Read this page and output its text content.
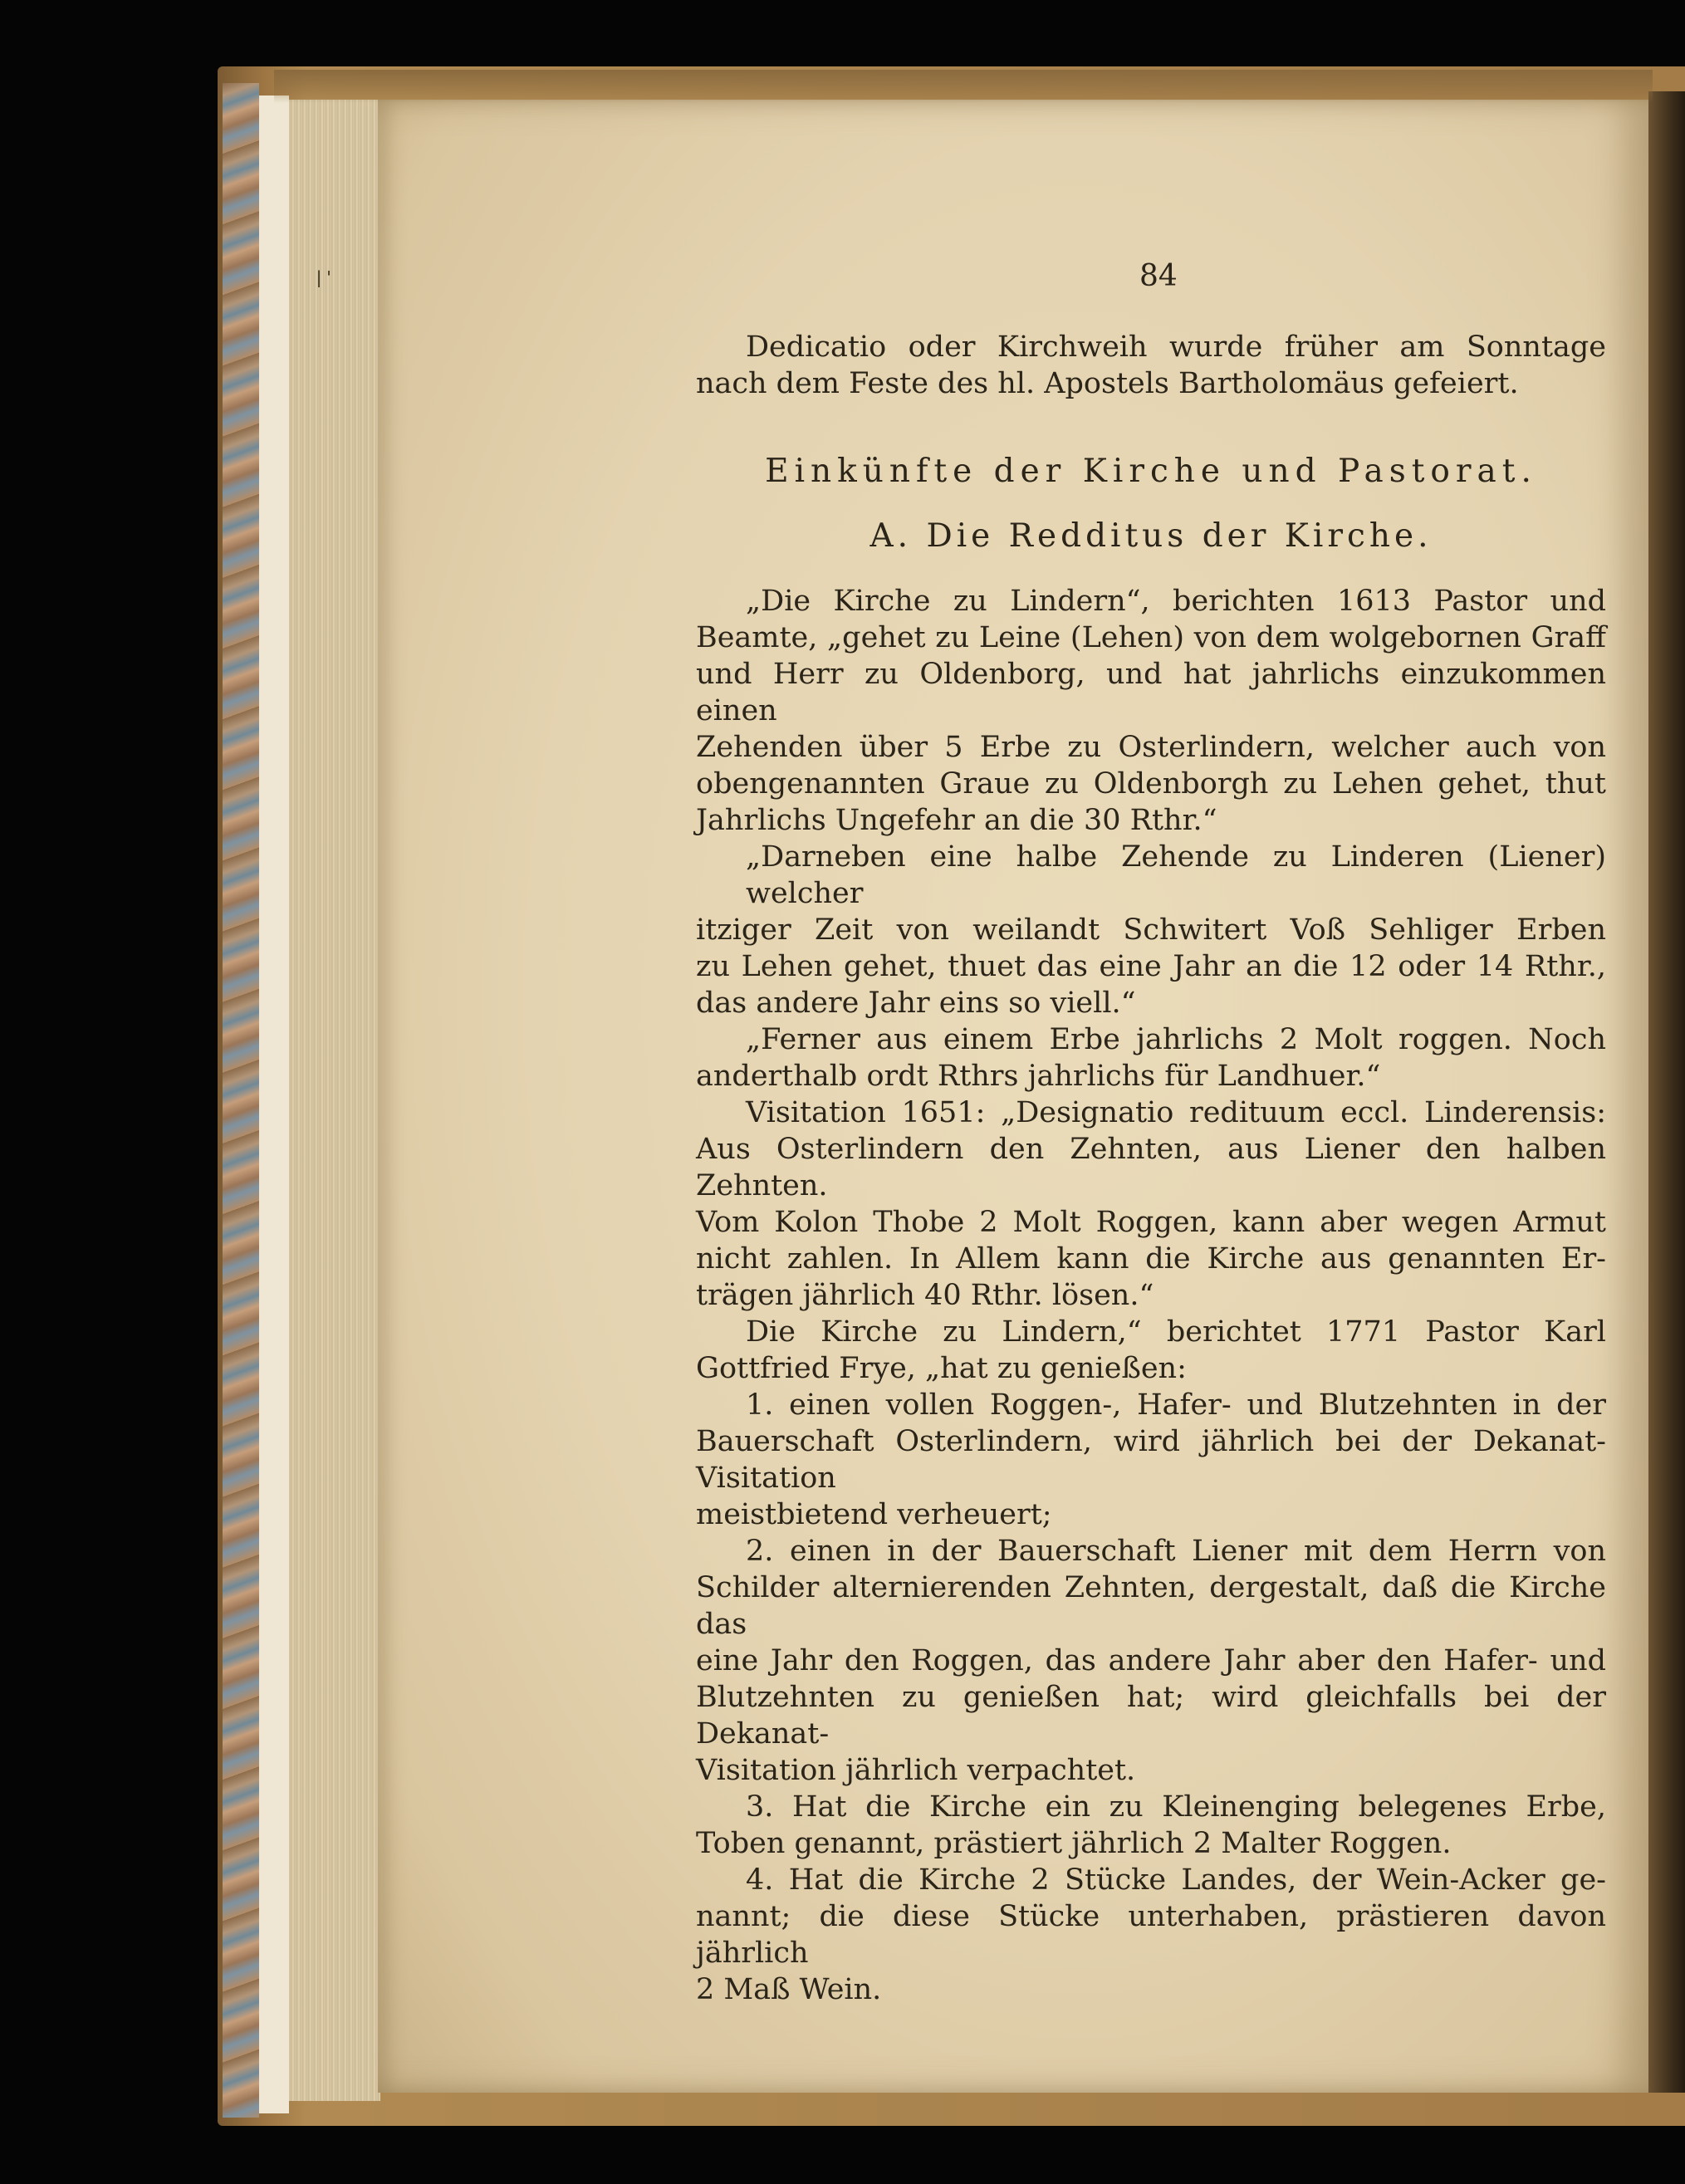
|'	84
Dedicatio oder Kirchweih wurde früher am Sonntage
nach dem Feste des hl. Apostels Bartholomäus gefeiert.
Einkünfte der Kirche und Pastorat.
A. Die Redditus der Kirche.
„Die Kirche zu Lindern“, berichten 1613 Pastor und
Beamte, „gehet zu Leine (Lehen) von dem wolgebornen Graff
und Herr zu Oldenborg, und hat jahrlichs einzukommen einen
Zehenden über 5 Erbe zu Osterlindern, welcher auch von
obengenannten Graue zu Oldenborgh zu Lehen gehet, thut
Jahrlichs Ungefehr an die 30 Rthr.“
„Darneben eine halbe Zehende zu Linderen (Liener) welcher
itziger Zeit von weilandt Schwitert Voß Sehliger Erben
zu Lehen gehet, thuet das eine Jahr an die 12 oder 14 Rthr.,
das andere Jahr eins so viell.“
„Ferner aus einem Erbe jahrlichs 2 Molt roggen. Noch
anderthalb ordt Rthrs jahrlichs für Landhuer.“
Visitation 1651: „Designatio redituum eccl. Linderensis:
Aus Osterlindern den Zehnten, aus Liener den halben Zehnten.
Vom Kolon Thobe 2 Molt Roggen, kann aber wegen Armut
nicht zahlen. In Allem kann die Kirche aus genannten Er-
trägen jährlich 40 Rthr. lösen.“
Die Kirche zu Lindern,“ berichtet 1771 Pastor Karl
Gottfried Frye, „hat zu genießen:
1. einen vollen Roggen-, Hafer- und Blutzehnten in der
Bauerschaft Osterlindern, wird jährlich bei der Dekanat-Visitation
meistbietend verheuert;
2. einen in der Bauerschaft Liener mit dem Herrn von
Schilder alternierenden Zehnten, dergestalt, daß die Kirche das
eine Jahr den Roggen, das andere Jahr aber den Hafer- und
Blutzehnten zu genießen hat; wird gleichfalls bei der Dekanat-
Visitation jährlich verpachtet.
3. Hat die Kirche ein zu Kleinenging belegenes Erbe,
Toben genannt, prästiert jährlich 2 Malter Roggen.
4. Hat die Kirche 2 Stücke Landes, der Wein-Acker ge-
nannt; die diese Stücke unterhaben, prästieren davon jährlich
2 Maß Wein.
